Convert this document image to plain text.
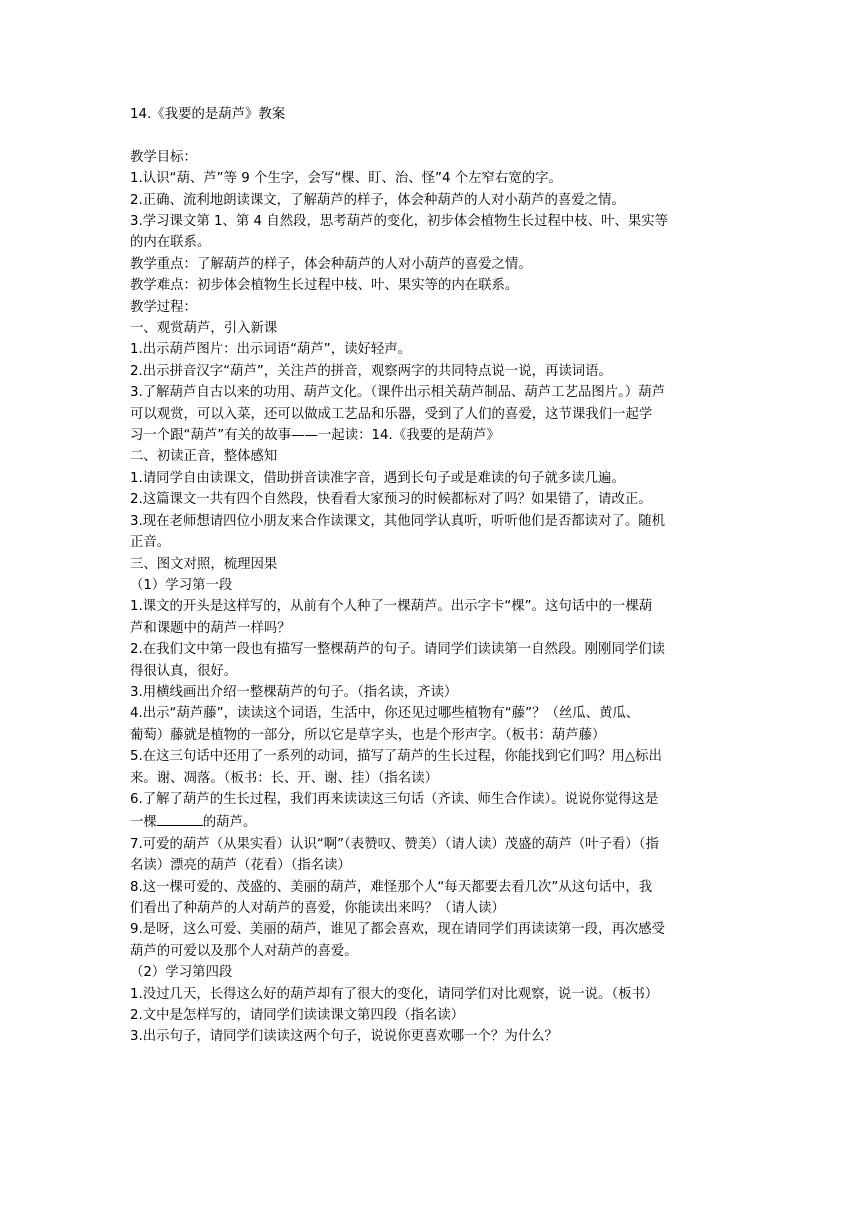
14.《我要的是葫芦》教案
教学目标：
1.认识“葫、芦”等 9 个生字，会写“棵、盯、治、怪”4 个左窄右宽的字。
2.正确、流利地朗读课文，了解葫芦的样子，体会种葫芦的人对小葫芦的喜爱之情。
3.学习课文第 1、第 4 自然段，思考葫芦的变化，初步体会植物生长过程中枝、叶、果实等
的内在联系。
教学重点：了解葫芦的样子，体会种葫芦的人对小葫芦的喜爱之情。
教学难点：初步体会植物生长过程中枝、叶、果实等的内在联系。
教学过程：
一、观赏葫芦，引入新课
1.出示葫芦图片：出示词语“葫芦”，读好轻声。
2.出示拼音汉字“葫芦”，关注芦的拼音，观察两字的共同特点说一说，再读词语。
3.了解葫芦自古以来的功用、葫芦文化。（课件出示相关葫芦制品、葫芦工艺品图片。）葫芦
可以观赏，可以入菜，还可以做成工艺品和乐器，受到了人们的喜爱，这节课我们一起学
习一个跟“葫芦”有关的故事——一起读：14.《我要的是葫芦》
二、初读正音，整体感知
1.请同学自由读课文，借助拼音读准字音，遇到长句子或是难读的句子就多读几遍。
2.这篇课文一共有四个自然段，快看看大家预习的时候都标对了吗？如果错了，请改正。
3.现在老师想请四位小朋友来合作读课文，其他同学认真听，听听他们是否都读对了。随机
正音。
三、图文对照，梳理因果
（1）学习第一段
1.课文的开头是这样写的，从前有个人种了一棵葫芦。出示字卡“棵”。这句话中的一棵葫
芦和课题中的葫芦一样吗？
2.在我们文中第一段也有描写一整棵葫芦的句子。请同学们读读第一自然段。刚刚同学们读
得很认真，很好。
3.用横线画出介绍一整棵葫芦的句子。（指名读，齐读）
4.出示“葫芦藤”，读读这个词语，生活中，你还见过哪些植物有“藤”？（丝瓜、黄瓜、
葡萄）藤就是植物的一部分，所以它是草字头，也是个形声字。（板书：葫芦藤）
5.在这三句话中还用了一系列的动词，描写了葫芦的生长过程，你能找到它们吗？用△标出
来。谢、凋落。（板书：长、开、谢、挂）（指名读）
6.了解了葫芦的生长过程，我们再来读读这三句话（齐读、师生合作读）。说说你觉得这是
一棵	的葫芦。
7.可爱的葫芦（从果实看）认识“啊”（表赞叹、赞美）（请人读）茂盛的葫芦（叶子看）（指
名读）漂亮的葫芦（花看）（指名读）
8.这一棵可爱的、茂盛的、美丽的葫芦，难怪那个人“每天都要去看几次”从这句话中，我
们看出了种葫芦的人对葫芦的喜爱，你能读出来吗？（请人读）
9.是呀，这么可爱、美丽的葫芦，谁见了都会喜欢，现在请同学们再读读第一段，再次感受
葫芦的可爱以及那个人对葫芦的喜爱。
（2）学习第四段
1.没过几天，长得这么好的葫芦却有了很大的变化，请同学们对比观察，说一说。（板书）
2.文中是怎样写的，请同学们读读课文第四段（指名读）
3.出示句子，请同学们读读这两个句子，说说你更喜欢哪一个？为什么？
